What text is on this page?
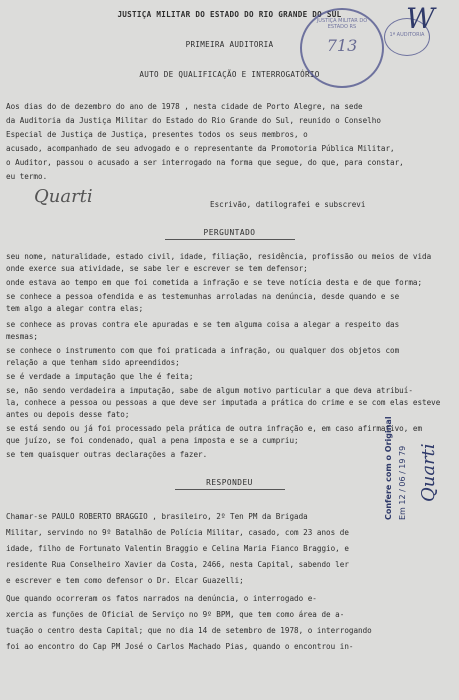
JUSTIÇA MILITAR DO ESTADO DO RIO GRANDE DO SUL
PRIMEIRA AUDITORIA
AUTO DE QUALIFICAÇÃO E INTERROGATÓRIO
JUSTIÇA MILITAR DO ESTADO RS
713
1ª AUDITORIA
W
Aos dias do de dezembro do ano de 1978 , nesta cidade de Porto Alegre, na sede
da Auditoria da Justiça Militar do Estado do Rio Grande do Sul, reunido o Conselho
Especial de Justiça de Justiça, presentes todos os seus membros, o
acusado, acompanhado de seu advogado e o representante da Promotoria Pública Militar,
o Auditor, passou o acusado a ser interrogado na forma que segue, do que, para constar,
eu termo.
Quarti	Escrivão, datilografei e subscrevi
PERGUNTADO
seu nome, naturalidade, estado civil, idade, filiação, residência, profissão ou meios de vida
onde exerce sua atividade, se sabe ler e escrever se tem defensor;
onde estava ao tempo em que foi cometida a infração e se teve notícia desta e de que forma;
se conhece a pessoa ofendida e as testemunhas arroladas na denúncia, desde quando e se
tem algo a alegar contra elas;
se conhece as provas contra ele apuradas e se tem alguma coisa a alegar a respeito das
mesmas;
se conhece o instrumento com que foi praticada a infração, ou qualquer dos objetos com
relação a que tenham sido apreendidos;
se é verdade a imputação que lhe é feita;
se, não sendo verdadeira a imputação, sabe de algum motivo particular a que deva atribuí-
la, conhece a pessoa ou pessoas a que deve ser imputada a prática do crime e se com elas esteve
antes ou depois desse fato;
se está sendo ou já foi processado pela prática de outra infração e, em caso afirmativo, em
que juízo, se foi condenado, qual a pena imposta e se a cumpriu;
se tem quaisquer outras declarações a fazer.
RESPONDEU
Chamar-se PAULO ROBERTO BRAGGIO , brasileiro, 2º Ten PM da Brigada
Militar, servindo no 9º Batalhão de Polícia Militar, casado, com 23 anos de
idade, filho de Fortunato Valentin Braggio e Celina Maria Fianco Braggio, e
residente Rua Conselheiro Xavier da Costa, 2466, nesta Capital, sabendo ler
e escrever e tem como defensor o Dr. Elcar Guazelli;
Que quando ocorreram os fatos narrados na denúncia, o interrogado e-
xercia as funções de Oficial de Serviço no 9º BPM, que tem como área de a-
tuação o centro desta Capital; que no dia 14 de setembro de 1978, o interrogando
foi ao encontro do Cap PM José o Carlos Machado Pias, quando o encontrou in-
Confere com o Original Em 12 / 06 / 19 79 Quarti
